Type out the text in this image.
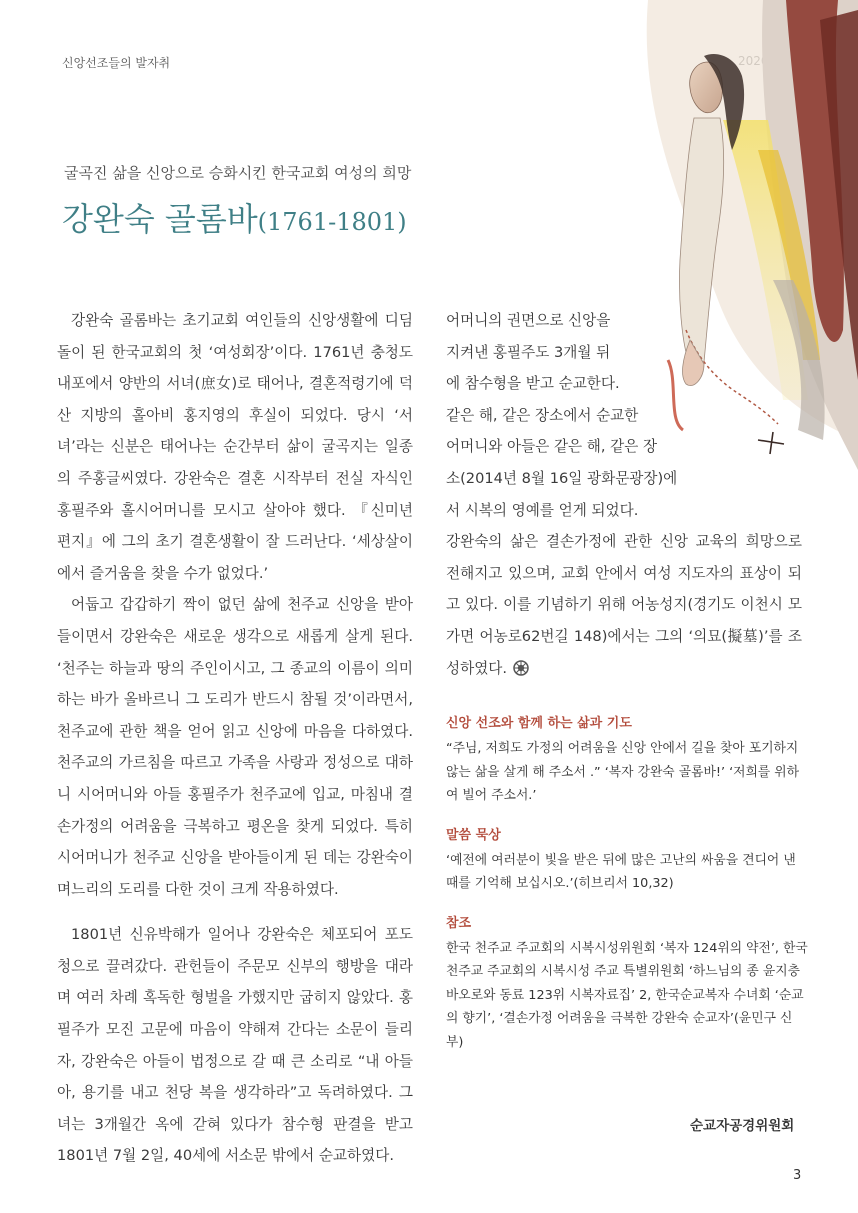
신앙선조들의 발자취
굴곡진 삶을 신앙으로 승화시킨 한국교회 여성의 희망
강완숙 골롬바(1761-1801)

강완숙 골롬바는 초기교회 여인들의 신앙생활에 디딤돌이 된 한국교회의 첫 ‘여성회장’이다. 1761년 충청도 내포에서 양반의 서녀(庶女)로 태어나, 결혼적령기에 덕산 지방의 홀아비 홍지영의 후실이 되었다. 당시 ‘서녀’라는 신분은 태어나는 순간부터 삶이 굴곡지는 일종의 주홍글씨였다. 강완숙은 결혼 시작부터 전실 자식인 홍필주와 홀시어머니를 모시고 살아야 했다. 『신미년 편지』에 그의 초기 결혼생활이 잘 드러난다. ‘세상살이에서 즐거움을 찾을 수가 없었다.’

어둡고 갑갑하기 짝이 없던 삶에 천주교 신앙을 받아들이면서 강완숙은 새로운 생각으로 새롭게 살게 된다. ‘천주는 하늘과 땅의 주인이시고, 그 종교의 이름이 의미하는 바가 올바르니 그 도리가 반드시 참될 것’이라면서, 천주교에 관한 책을 얻어 읽고 신앙에 마음을 다하였다. 천주교의 가르침을 따르고 가족을 사랑과 정성으로 대하니 시어머니와 아들 홍필주가 천주교에 입교, 마침내 결손가정의 어려움을 극복하고 평온을 찾게 되었다. 특히 시어머니가 천주교 신앙을 받아들이게 된 데는 강완숙이 며느리의 도리를 다한 것이 크게 작용하였다.

1801년 신유박해가 일어나 강완숙은 체포되어 포도청으로 끌려갔다. 관헌들이 주문모 신부의 행방을 대라며 여러 차례 혹독한 형벌을 가했지만 굽히지 않았다. 홍필주가 모진 고문에 마음이 약해져 간다는 소문이 들리자, 강완숙은 아들이 법정으로 갈 때 큰 소리로 “내 아들아, 용기를 내고 천당 복을 생각하라”고 독려하였다. 그녀는 3개월간 옥에 갇혀 있다가 참수형 판결을 받고 1801년 7월 2일, 40세에 서소문 밖에서 순교하였다.

어머니의 권면으로 신앙을
지켜낸 홍필주도 3개월 뒤
에 참수형을 받고 순교한다.
같은 해, 같은 장소에서 순교한
어머니와 아들은 같은 해, 같은 장
소(2014년 8월 16일 광화문광장)에
서 시복의 영예를 얻게 되었다.

강완숙의 삶은 결손가정에 관한 신앙 교육의 희망으로 전해지고 있으며, 교회 안에서 여성 지도자의 표상이 되고 있다. 이를 기념하기 위해 어농성지(경기도 이천시 모가면 어농로62번길 148)에서는 그의 ‘의묘(擬墓)’를 조성하였다.

신앙 선조와 함께 하는 삶과 기도

“주님, 저희도 가정의 어려움을 신앙 안에서 길을 찾아 포기하지 않는 삶을 살게 해 주소서 .” ‘복자 강완숙 골롬바!’ ‘저희를 위하여 빌어 주소서.’

말씀 묵상

‘예전에 여러분이 빛을 받은 뒤에 많은 고난의 싸움을 견디어 낸 때를 기억해 보십시오.’(히브리서 10,32)

참조

한국 천주교 주교회의 시복시성위원회 ‘복자 124위의 약전’, 한국 천주교 주교회의 시복시성 주교 특별위원회 ‘하느님의 종 윤지충 바오로와 동료 123위 시복자료집’ 2, 한국순교복자 수녀회 ‘순교의 향기’, ‘결손가정 어려움을 극복한 강완숙 순교자’(윤민구 신부)

순교자공경위원회
3
